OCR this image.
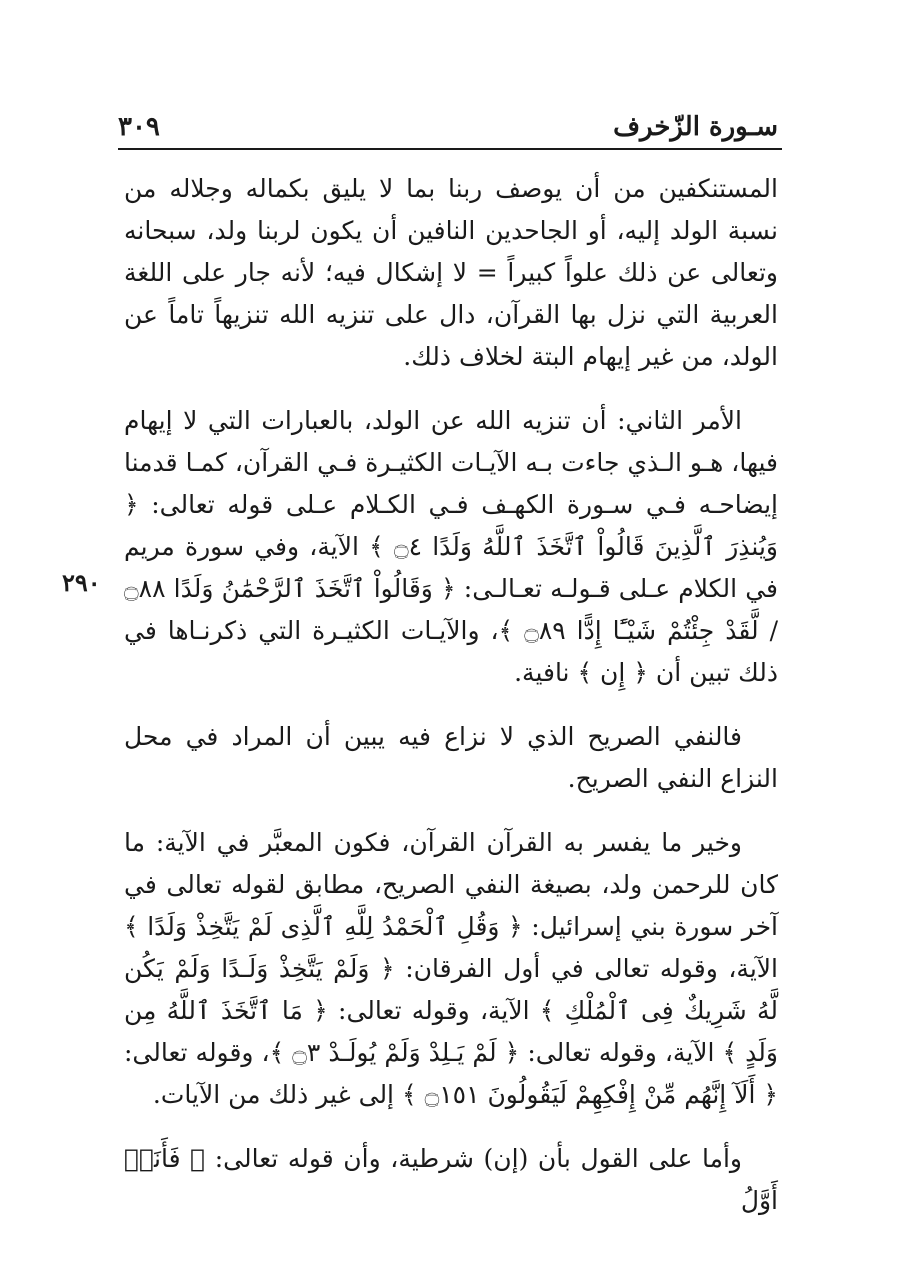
سـورة الزّخرف
٣٠٩
٢٩٠

المستنكفين من أن يوصف ربنا بما لا يليق بكماله وجلاله من نسبة الولد إليه، أو الجاحدين النافين أن يكون لربنا ولد، سبحانه وتعالى عن ذلك علواً كبيراً = لا إشكال فيه؛ لأنه جار على اللغة العربية التي نزل بها القرآن، دال على تنزيه الله تنزيهاً تاماً عن الولد، من غير إيهام البتة لخلاف ذلك.

الأمر الثاني: أن تنزيه الله عن الولد، بالعبارات التي لا إيهام فيها، هـو الـذي جاءت بـه الآيـات الكثيـرة فـي القرآن، كمـا قدمنا إيضاحـه فـي سـورة الكهـف فـي الكـلام عـلى قوله تعالى: ﴿ وَيُنذِرَ ٱلَّذِينَ قَالُواْ ٱتَّخَذَ ٱللَّهُ وَلَدًا ۝٤ ﴾ الآية، وفي سورة مريم في الكلام عـلى قـولـه تعـالـى: ﴿ وَقَالُواْ ٱتَّخَذَ ٱلرَّحْمَٰنُ وَلَدًا ۝٨٨ / لَّقَدْ جِئْتُمْ شَيْـًٔا إِدًّا ۝٨٩ ﴾، والآيـات الكثيـرة التي ذكرنـاها في ذلك تبين أن ﴿ إِن ﴾ نافية.

فالنفي الصريح الذي لا نزاع فيه يبين أن المراد في محل النزاع النفي الصريح.

وخير ما يفسر به القرآن القرآن، فكون المعبَّر في الآية: ما كان للرحمن ولد، بصيغة النفي الصريح، مطابق لقوله تعالى في آخر سورة بني إسرائيل: ﴿ وَقُلِ ٱلْحَمْدُ لِلَّهِ ٱلَّذِى لَمْ يَتَّخِذْ وَلَدًا ﴾ الآية، وقوله تعالى في أول الفرقان: ﴿ وَلَمْ يَتَّخِذْ وَلَـدًا وَلَمْ يَكُن لَّهُ شَرِيكٌ فِى ٱلْمُلْكِ ﴾ الآية، وقوله تعالى: ﴿ مَا ٱتَّخَذَ ٱللَّهُ مِن وَلَدٍ ﴾ الآية، وقوله تعالى: ﴿ لَمْ يَـلِدْ وَلَمْ يُولَـدْ ۝٣ ﴾، وقوله تعالى: ﴿ أَلَآ إِنَّهُم مِّنْ إِفْكِهِمْ لَيَقُولُونَ ۝١٥١ ﴾ إلى غير ذلك من الآيات.

وأما على القول بأن (إن) شرطية، وأن قوله تعالى: ﴿ فَأَنَا۠ أَوَّلُ
